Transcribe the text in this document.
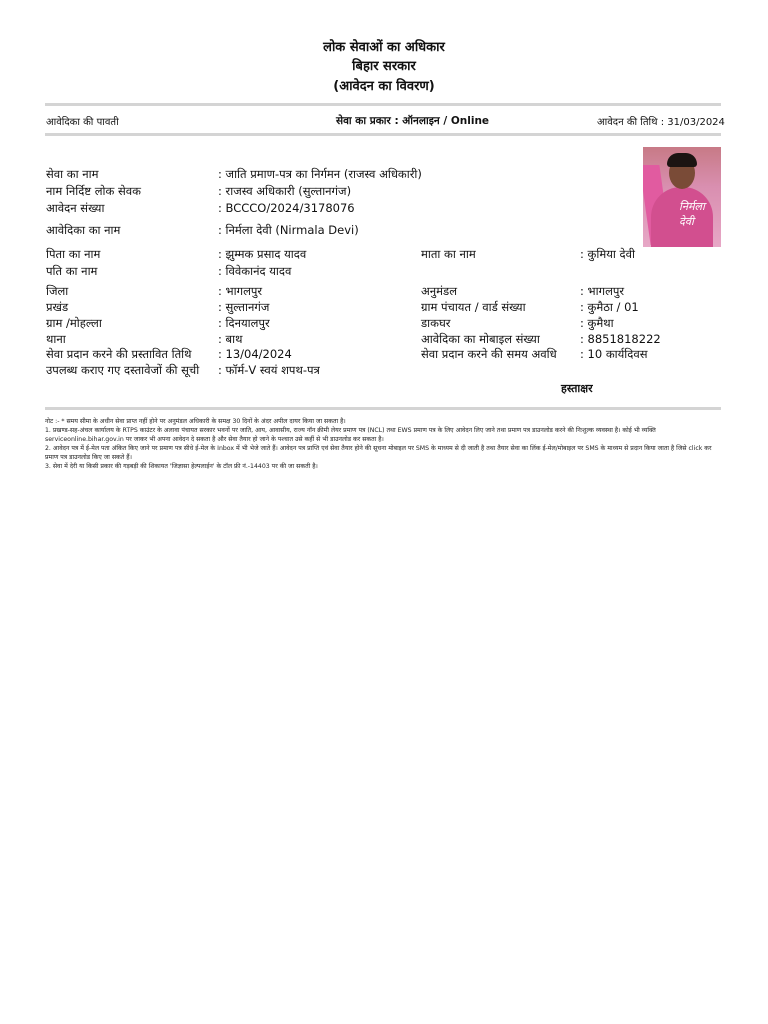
लोक सेवाओं का अधिकार
बिहार सरकार
(आवेदन का विवरण)
आवेदिका की पावती	सेवा का प्रकार : ऑनलाइन / Online	आवेदन की तिथि : 31/03/2024
सेवा का नाम	: जाति प्रमाण-पत्र का निर्गमन (राजस्व अधिकारी)
नाम निर्दिष्ट लोक सेवक	: राजस्व अधिकारी (सुल्तानगंज)
आवेदन संख्या	: BCCCO/2024/3178076
आवेदिका का नाम	: निर्मला देवी (Nirmala Devi)
पिता का नाम	: झुम्मक प्रसाद यादव	माता का नाम	: कुमिया देवी
पति का नाम	: विवेकानंद यादव
जिला	: भागलपुर	अनुमंडल	: भागलपुर
प्रखंड	: सुल्तानगंज	ग्राम पंचायत / वार्ड संख्या	: कुमैठा / 01
ग्राम /मोहल्ला	: दिनयालपुर	डाकघर	: कुमैथा
थाना	: बाथ	आवेदिका का मोबाइल संख्या	: 8851818222
सेवा प्रदान करने की प्रस्तावित तिथि : 13/04/2024	सेवा प्रदान करने की समय अवधि : 10 कार्यदिवस
उपलब्ध कराए गए दस्तावेजों की सूची : फॉर्म-V स्वयं शपथ-पत्र
निर्मला देवी
हस्ताक्षर
नोट :- * समय सीमा के अधीन सेवा प्राप्त नहीं होने पर अनुमंडल अधिकारी के समक्ष 30 दिनों के अंदर अपील दायर किया जा सकता है।
1. प्रखण्ड-सह-अंचल कार्यालय के RTPS काउंटर के अलावा पंचायत सरकार भवनों पर जाति, आय, आवासीय, राज्य नॉन क्रीमी लेयर प्रमाण पत्र (NCL) तथा EWS प्रमाण पत्र के लिए आवेदन लिए जाने तथा प्रमाण पत्र डाउनलोड करने की निःशुल्क व्यवस्था है। कोई भी व्यक्ति serviceonline.bihar.gov.in पर जाकर भी अपना आवेदन दे सकता है और सेवा तैयार हो जाने के पश्चात उसे कहीं से भी डाउनलोड कर सकता है।
2. आवेदन पत्र में ई-मेल पता अंकित किए जाने पर प्रमाण पत्र सीधे ई-मेल के Inbox में भी भेजे जाते हैं। आवेदन पत्र प्राप्ति एवं सेवा तैयार होने की सूचना मोबाइल पर SMS के माध्यम से दी जाती है तथा तैयार सेवा का लिंक ई-मेल/मोबाइल पर SMS के माध्यम से प्रदान किया जाता है जिसे click कर प्रमाण पत्र डाउनलोड किए जा सकते हैं।
3. सेवा में देरी या किसी प्रकार की गड़बड़ी की शिकायत 'जिज्ञासा हेल्पलाईन' के टॉल फ्री नं.-14403 पर की जा सकती है।
